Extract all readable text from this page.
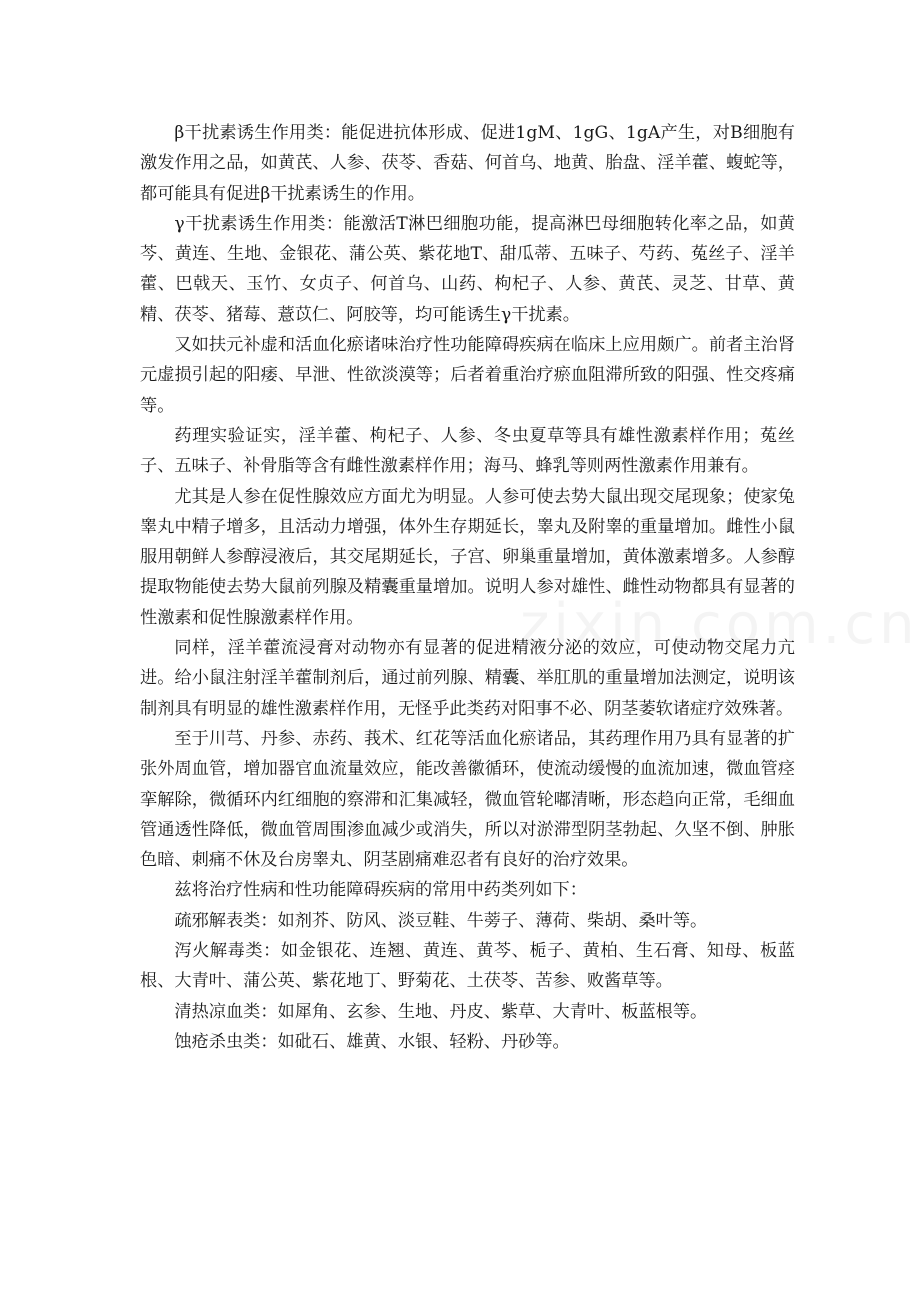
β干扰素诱生作用类：能促进抗体形成、促进1gM、1gG、1gA产生，对B细胞有激发作用之品，如黄芪、人参、茯苓、香菇、何首乌、地黄、胎盘、淫羊藿、蝮蛇等，都可能具有促进β干扰素诱生的作用。

γ干扰素诱生作用类：能激活T淋巴细胞功能，提高淋巴母细胞转化率之品，如黄芩、黄连、生地、金银花、蒲公英、紫花地T、甜瓜蒂、五味子、芍药、菟丝子、淫羊藿、巴戟天、玉竹、女贞子、何首乌、山药、枸杞子、人参、黄芪、灵芝、甘草、黄精、茯苓、猪莓、薏苡仁、阿胶等，均可能诱生γ干扰素。

又如扶元补虚和活血化瘀诸味治疗性功能障碍疾病在临床上应用颇广。前者主治肾元虚损引起的阳痿、早泄、性欲淡漠等；后者着重治疗瘀血阻滞所致的阳强、性交疼痛等。

药理实验证实，淫羊藿、枸杞子、人参、冬虫夏草等具有雄性激素样作用；菟丝子、五味子、补骨脂等含有雌性激素样作用；海马、蜂乳等则两性激素作用兼有。

尤其是人参在促性腺效应方面尤为明显。人参可使去势大鼠出现交尾现象；使家兔睾丸中精子增多，且活动力增强，体外生存期延长，睾丸及附睾的重量增加。雌性小鼠服用朝鲜人参醇浸液后，其交尾期延长，子宫、卵巢重量增加，黄体激素增多。人参醇提取物能使去势大鼠前列腺及精囊重量增加。说明人参对雄性、雌性动物都具有显著的性激素和促性腺激素样作用。

同样，淫羊藿流浸膏对动物亦有显著的促进精液分泌的效应，可使动物交尾力亢进。给小鼠注射淫羊藿制剂后，通过前列腺、精囊、举肛肌的重量增加法测定，说明该制剂具有明显的雄性激素样作用，无怪乎此类药对阳事不必、阴茎萎软诸症疗效殊著。

至于川芎、丹参、赤药、莪术、红花等活血化瘀诸品，其药理作用乃具有显著的扩张外周血管，增加器官血流量效应，能改善徽循环，使流动缓慢的血流加速，微血管痉挛解除，微循环内红细胞的察滞和汇集减轻，微血管轮嘟清晰，形态趋向正常，毛细血管通透性降低，微血管周围渗血减少或消失，所以对淤滞型阴茎勃起、久坚不倒、肿胀色暗、刺痛不休及台房睾丸、阴茎剧痛难忍者有良好的治疗效果。

兹将治疗性病和性功能障碍疾病的常用中药类列如下：

疏邪解表类：如剂芥、防风、淡豆鞋、牛蒡子、薄荷、柴胡、桑叶等。

泻火解毒类：如金银花、连翘、黄连、黄芩、栀子、黄柏、生石膏、知母、板蓝根、大青叶、蒲公英、紫花地丁、野菊花、土茯苓、苦参、败酱草等。

清热凉血类：如犀角、玄参、生地、丹皮、紫草、大青叶、板蓝根等。

蚀疮杀虫类：如砒石、雄黄、水银、轻粉、丹砂等。
